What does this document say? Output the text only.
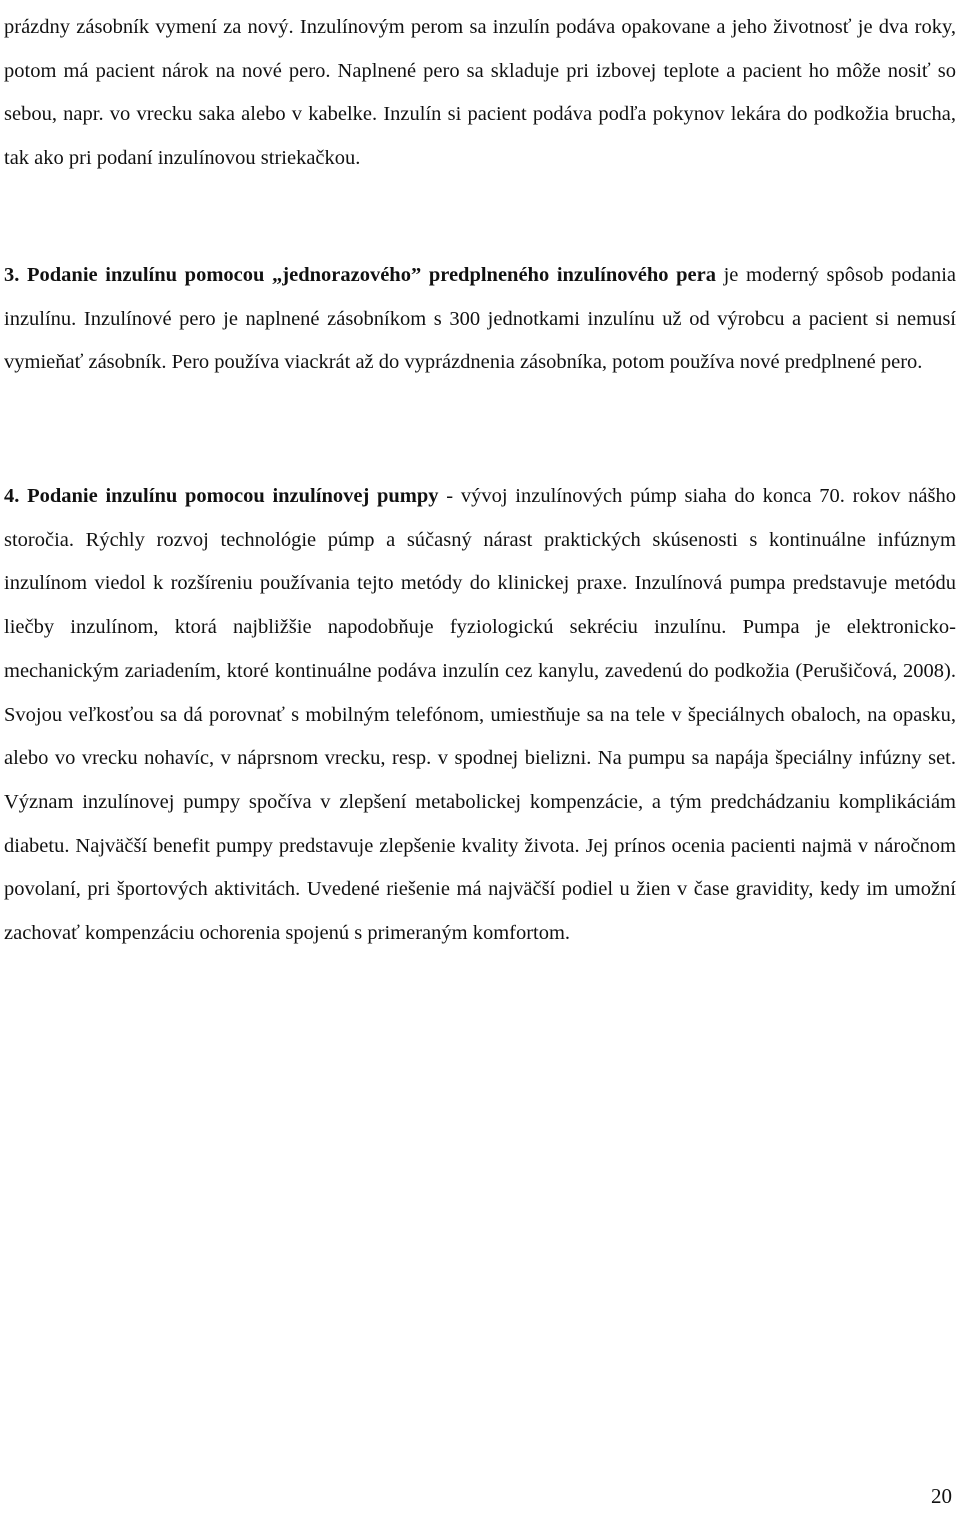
prázdny zásobník vymení za nový. Inzulínovým perom sa inzulín podáva opakovane a jeho životnosť je dva roky, potom má pacient nárok na nové pero. Naplnené pero sa skladuje pri izbovej teplote a pacient ho môže nosiť so sebou, napr. vo vrecku saka alebo v kabelke. Inzulín si pacient podáva podľa pokynov lekára do podkožia brucha, tak ako pri podaní inzulínovou striekačkou.

3. Podanie inzulínu pomocou „jednorazového” predplneného inzulínového pera je moderný spôsob podania inzulínu. Inzulínové pero je naplnené zásobníkom s 300 jednotkami inzulínu už od výrobcu a pacient si nemusí vymieňať zásobník. Pero používa viackrát až do vyprázdnenia zásobníka, potom používa nové predplnené pero.

4. Podanie inzulínu pomocou inzulínovej pumpy - vývoj inzulínových púmp siaha do konca 70. rokov nášho storočia. Rýchly rozvoj technológie púmp a súčasný nárast praktických skúsenosti s kontinuálne infúznym inzulínom viedol k rozšíreniu používania tejto metódy do klinickej praxe. Inzulínová pumpa predstavuje metódu liečby inzulínom, ktorá najbližšie napodobňuje fyziologickú sekréciu inzulínu. Pumpa je elektronicko-mechanickým zariadením, ktoré kontinuálne podáva inzulín cez kanylu, zavedenú do podkožia (Perušičová, 2008). Svojou veľkosťou sa dá porovnať s mobilným telefónom, umiestňuje sa na tele v špeciálnych obaloch, na opasku, alebo vo vrecku nohavíc, v náprsnom vrecku, resp. v spodnej bielizni. Na pumpu sa napája špeciálny infúzny set. Význam inzulínovej pumpy spočíva v zlepšení metabolickej kompenzácie, a tým predchádzaniu komplikáciám diabetu. Najväčší benefit pumpy predstavuje zlepšenie kvality života. Jej prínos ocenia pacienti najmä v náročnom povolaní, pri športových aktivitách. Uvedené riešenie má najväčší podiel u žien v čase gravidity, kedy im umožní zachovať kompenzáciu ochorenia spojenú s primeraným komfortom.

20
